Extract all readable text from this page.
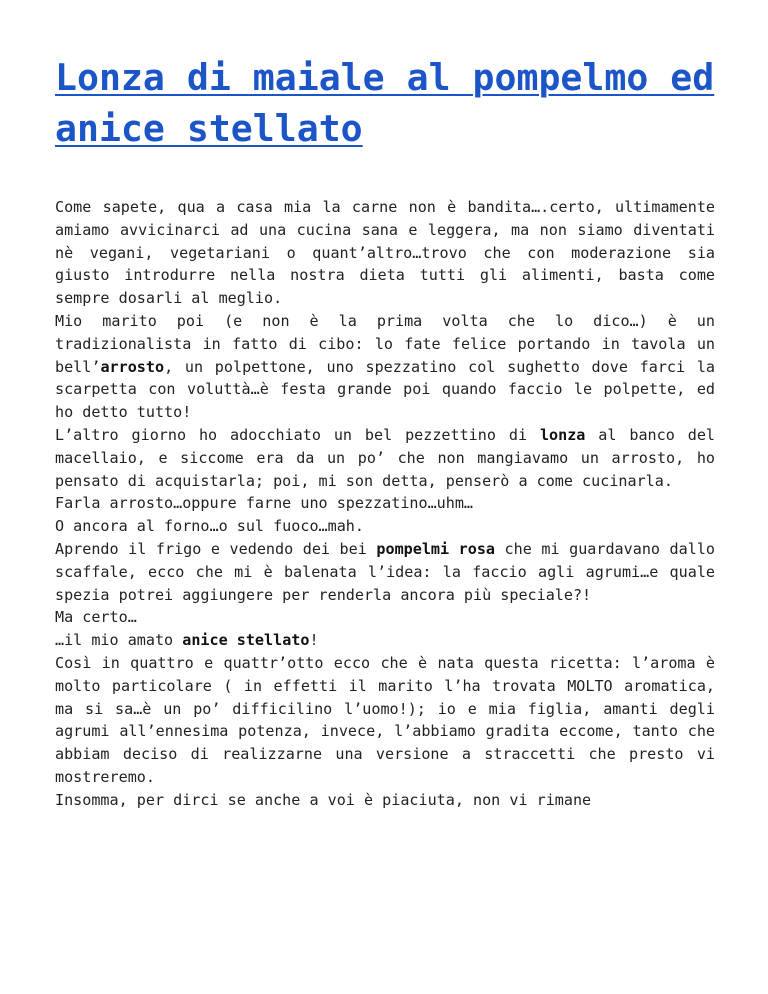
Lonza di maiale al pompelmo ed anice stellato

Come sapete, qua a casa mia la carne non è bandita….certo, ultimamente amiamo avvicinarci ad una cucina sana e leggera, ma non siamo diventati nè vegani, vegetariani o quant’altro…trovo che con moderazione sia giusto introdurre nella nostra dieta tutti gli alimenti, basta come sempre dosarli al meglio.

Mio marito poi (e non è la prima volta che lo dico…) è un tradizionalista in fatto di cibo: lo fate felice portando in tavola un bell’arrosto, un polpettone, uno spezzatino col sughetto dove farci la scarpetta con voluttà…è festa grande poi quando faccio le polpette, ed ho detto tutto!

L’altro giorno ho adocchiato un bel pezzettino di lonza al banco del macellaio, e siccome era da un po’ che non mangiavamo un arrosto, ho pensato di acquistarla; poi, mi son detta, penserò a come cucinarla.

Farla arrosto…oppure farne uno spezzatino…uhm…

O ancora al forno…o sul fuoco…mah.

Aprendo il frigo e vedendo dei bei pompelmi rosa che mi guardavano dallo scaffale, ecco che mi è balenata l’idea: la faccio agli agrumi…e quale spezia potrei aggiungere per renderla ancora più speciale?!

Ma certo…

…il mio amato anice stellato!

Così in quattro e quattr’otto ecco che è nata questa ricetta: l’aroma è molto particolare ( in effetti il marito l’ha trovata MOLTO aromatica, ma si sa…è un po’ difficilino l’uomo!); io e mia figlia, amanti degli agrumi all’ennesima potenza, invece, l’abbiamo gradita eccome, tanto che abbiam deciso di realizzarne una versione a straccetti che presto vi mostreremo.

Insomma, per dirci se anche a voi è piaciuta, non vi rimane
